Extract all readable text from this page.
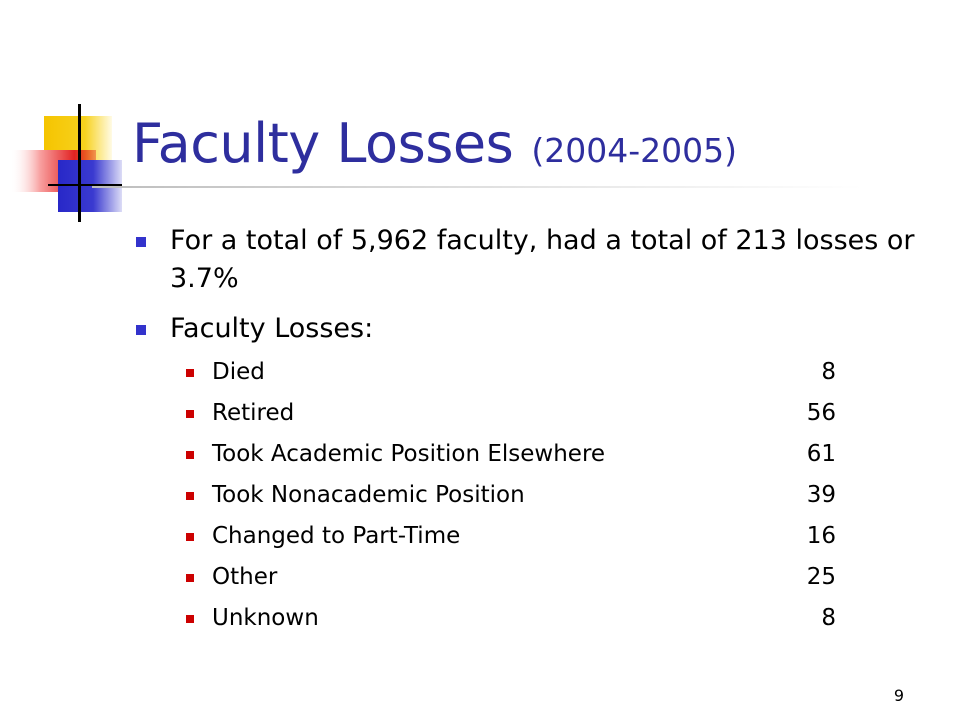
Faculty Losses (2004-2005)
For a total of 5,962 faculty, had a total of 213 losses or 3.7%
Faculty Losses:
Died	8
Retired	56
Took Academic Position Elsewhere	61
Took Nonacademic Position	39
Changed to Part-Time	16
Other	25
Unknown	8
9
